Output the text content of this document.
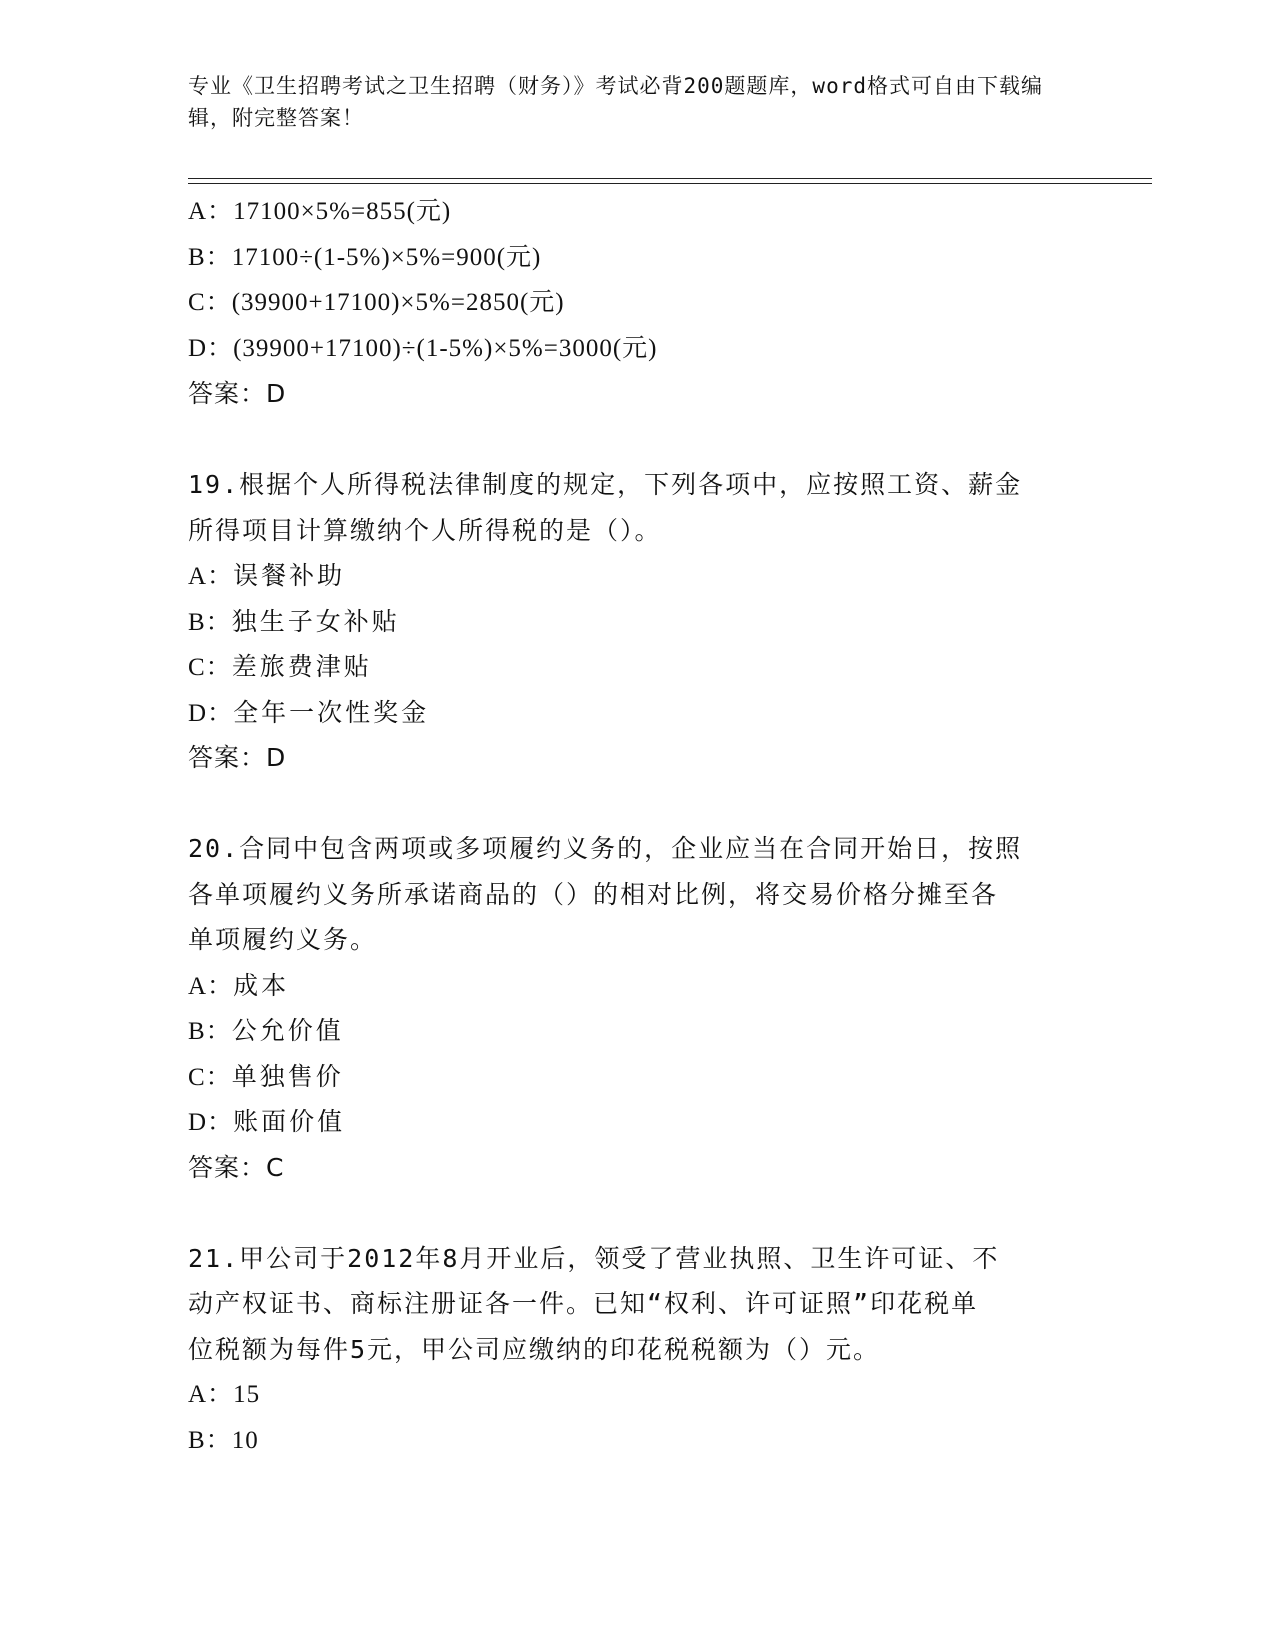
专业《卫生招聘考试之卫生招聘（财务）》考试必背200题题库，word格式可自由下载编辑，附完整答案！
A：17100×5%=855(元)
B：17100÷(1-5%)×5%=900(元)
C：(39900+17100)×5%=2850(元)
D：(39900+17100)÷(1-5%)×5%=3000(元)
答案：D
19.根据个人所得税法律制度的规定，下列各项中，应按照工资、薪金
所得项目计算缴纳个人所得税的是（）。
A：误餐补助
B：独生子女补贴
C：差旅费津贴
D：全年一次性奖金
答案：D
20.合同中包含两项或多项履约义务的，企业应当在合同开始日，按照
各单项履约义务所承诺商品的（）的相对比例，将交易价格分摊至各
单项履约义务。
A：成本
B：公允价值
C：单独售价
D：账面价值
答案：C
21.甲公司于2012年8月开业后，领受了营业执照、卫生许可证、不
动产权证书、商标注册证各一件。已知“权利、许可证照”印花税单
位税额为每件5元，甲公司应缴纳的印花税税额为（）元。
A：15
B：10
